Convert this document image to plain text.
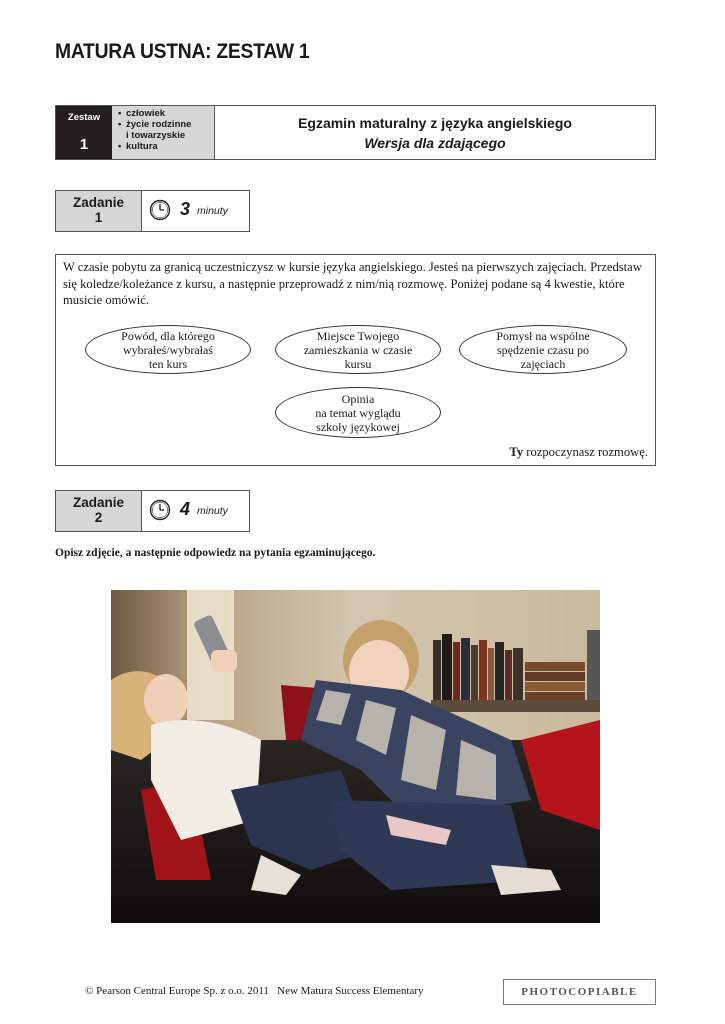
MATURA USTNA: ZESTAW 1
Zestaw
1
• człowiek
• życie rodzinne
i towarzyskie
• kultura
Egzamin maturalny z języka angielskiego
Wersja dla zdającego
Zadanie
1	3 minuty
W czasie pobytu za granicą uczestniczysz w kursie języka angielskiego. Jesteś na pierwszych zajęciach. Przedstaw się koledze/koleżance z kursu, a następnie przeprowadź z nim/nią rozmowę. Poniżej podane są 4 kwestie, które musicie omówić.
Powód, dla którego
wybrałeś/wybrałaś
ten kurs
Miejsce Twojego
zamieszkania w czasie
kursu
Pomysł na wspólne
spędzenie czasu po
zajęciach
Opinia
na temat wyglądu
szkoły językowej
Ty rozpoczynasz rozmowę.
Zadanie
2	4 minuty
Opisz zdjęcie, a następnie odpowiedz na pytania egzaminującego.
© Pearson Central Europe Sp. z o.o. 2011   New Matura Success Elementary	PHOTOCOPIABLE
